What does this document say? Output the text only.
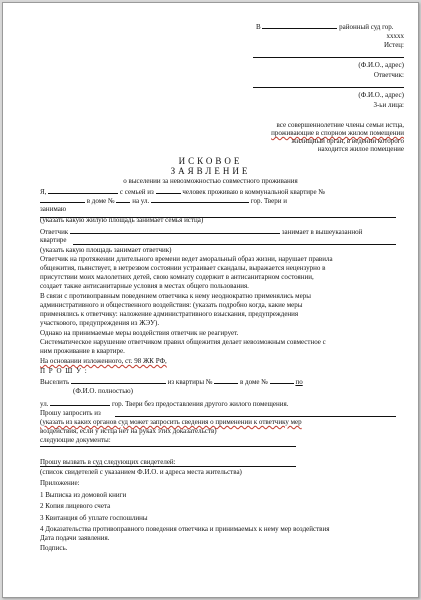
В	районный суд гор.
xxxxx
Истец:
(Ф.И.О., адрес)
Ответчик:
(Ф.И.О., адрес)
3-ьи лица:
все совершеннолетние члены семьи истца,
проживающие в спорном жилом помещении
жилищный орган, в ведении которого
находится жилое помещение
ИСКОВОЕ
ЗАЯВЛЕНИЕ
о выселении за невозможностью совместного проживания
Я,	с семьей из	человек проживаю в коммунальной квартире №
в доме №	на ул.	гор. Твери и
занимаю
(указать какую жилую площадь занимает семья истца)
Ответчик	занимает в вышеуказанной
квартире
(указать какую площадь занимает ответчик)
Ответчик на протяжении длительного времени ведет аморальный образ жизни, нарушает правила
общежития, пьянствует, в нетрезвом состоянии устраивает скандалы, выражается нецензурно в
присутствии моих малолетних детей, свою комнату содержит в антисанитарном состоянии,
создает также антисанитарные условия в местах общего пользования.
В связи с противоправным поведением ответчика к нему неоднократно применялись меры
административного и общественного воздействия: (указать подробно когда, какие меры
применялись к ответчику: наложение административного взыскания, предупреждения
участкового, предупреждения из ЖЭУ).
Однако на принимаемые меры воздействия ответчик не реагирует.
Систематическое нарушение ответчиком правил общежития делает невозможным совместное с
ним проживание в квартире.
На основании изложенного, ст. 98 ЖК РФ,
П Р О Ш У :
Выселить	из квартиры №	в доме №	по
(Ф.И.О. полностью)
ул.	гор. Твери без предоставления другого жилого помещения.
Прошу запросить из
(указать из каких органов суд может запросить сведения о применении к ответчику мер
воздействия, если у истца нет на руках этих доказательств)
следующие документы:
Прошу вызвать в суд следующих свидетелей:
(список свидетелей с указанием Ф.И.О. и адреса места жительства)
Приложение:
1 Выписка из домовой книги
2 Копия лицевого счета
3 Квитанция об уплате госпошлины
4 Доказательства противоправного поведения ответчика и принимаемых к нему мер воздействия
Дата подачи заявления.
Подпись.
